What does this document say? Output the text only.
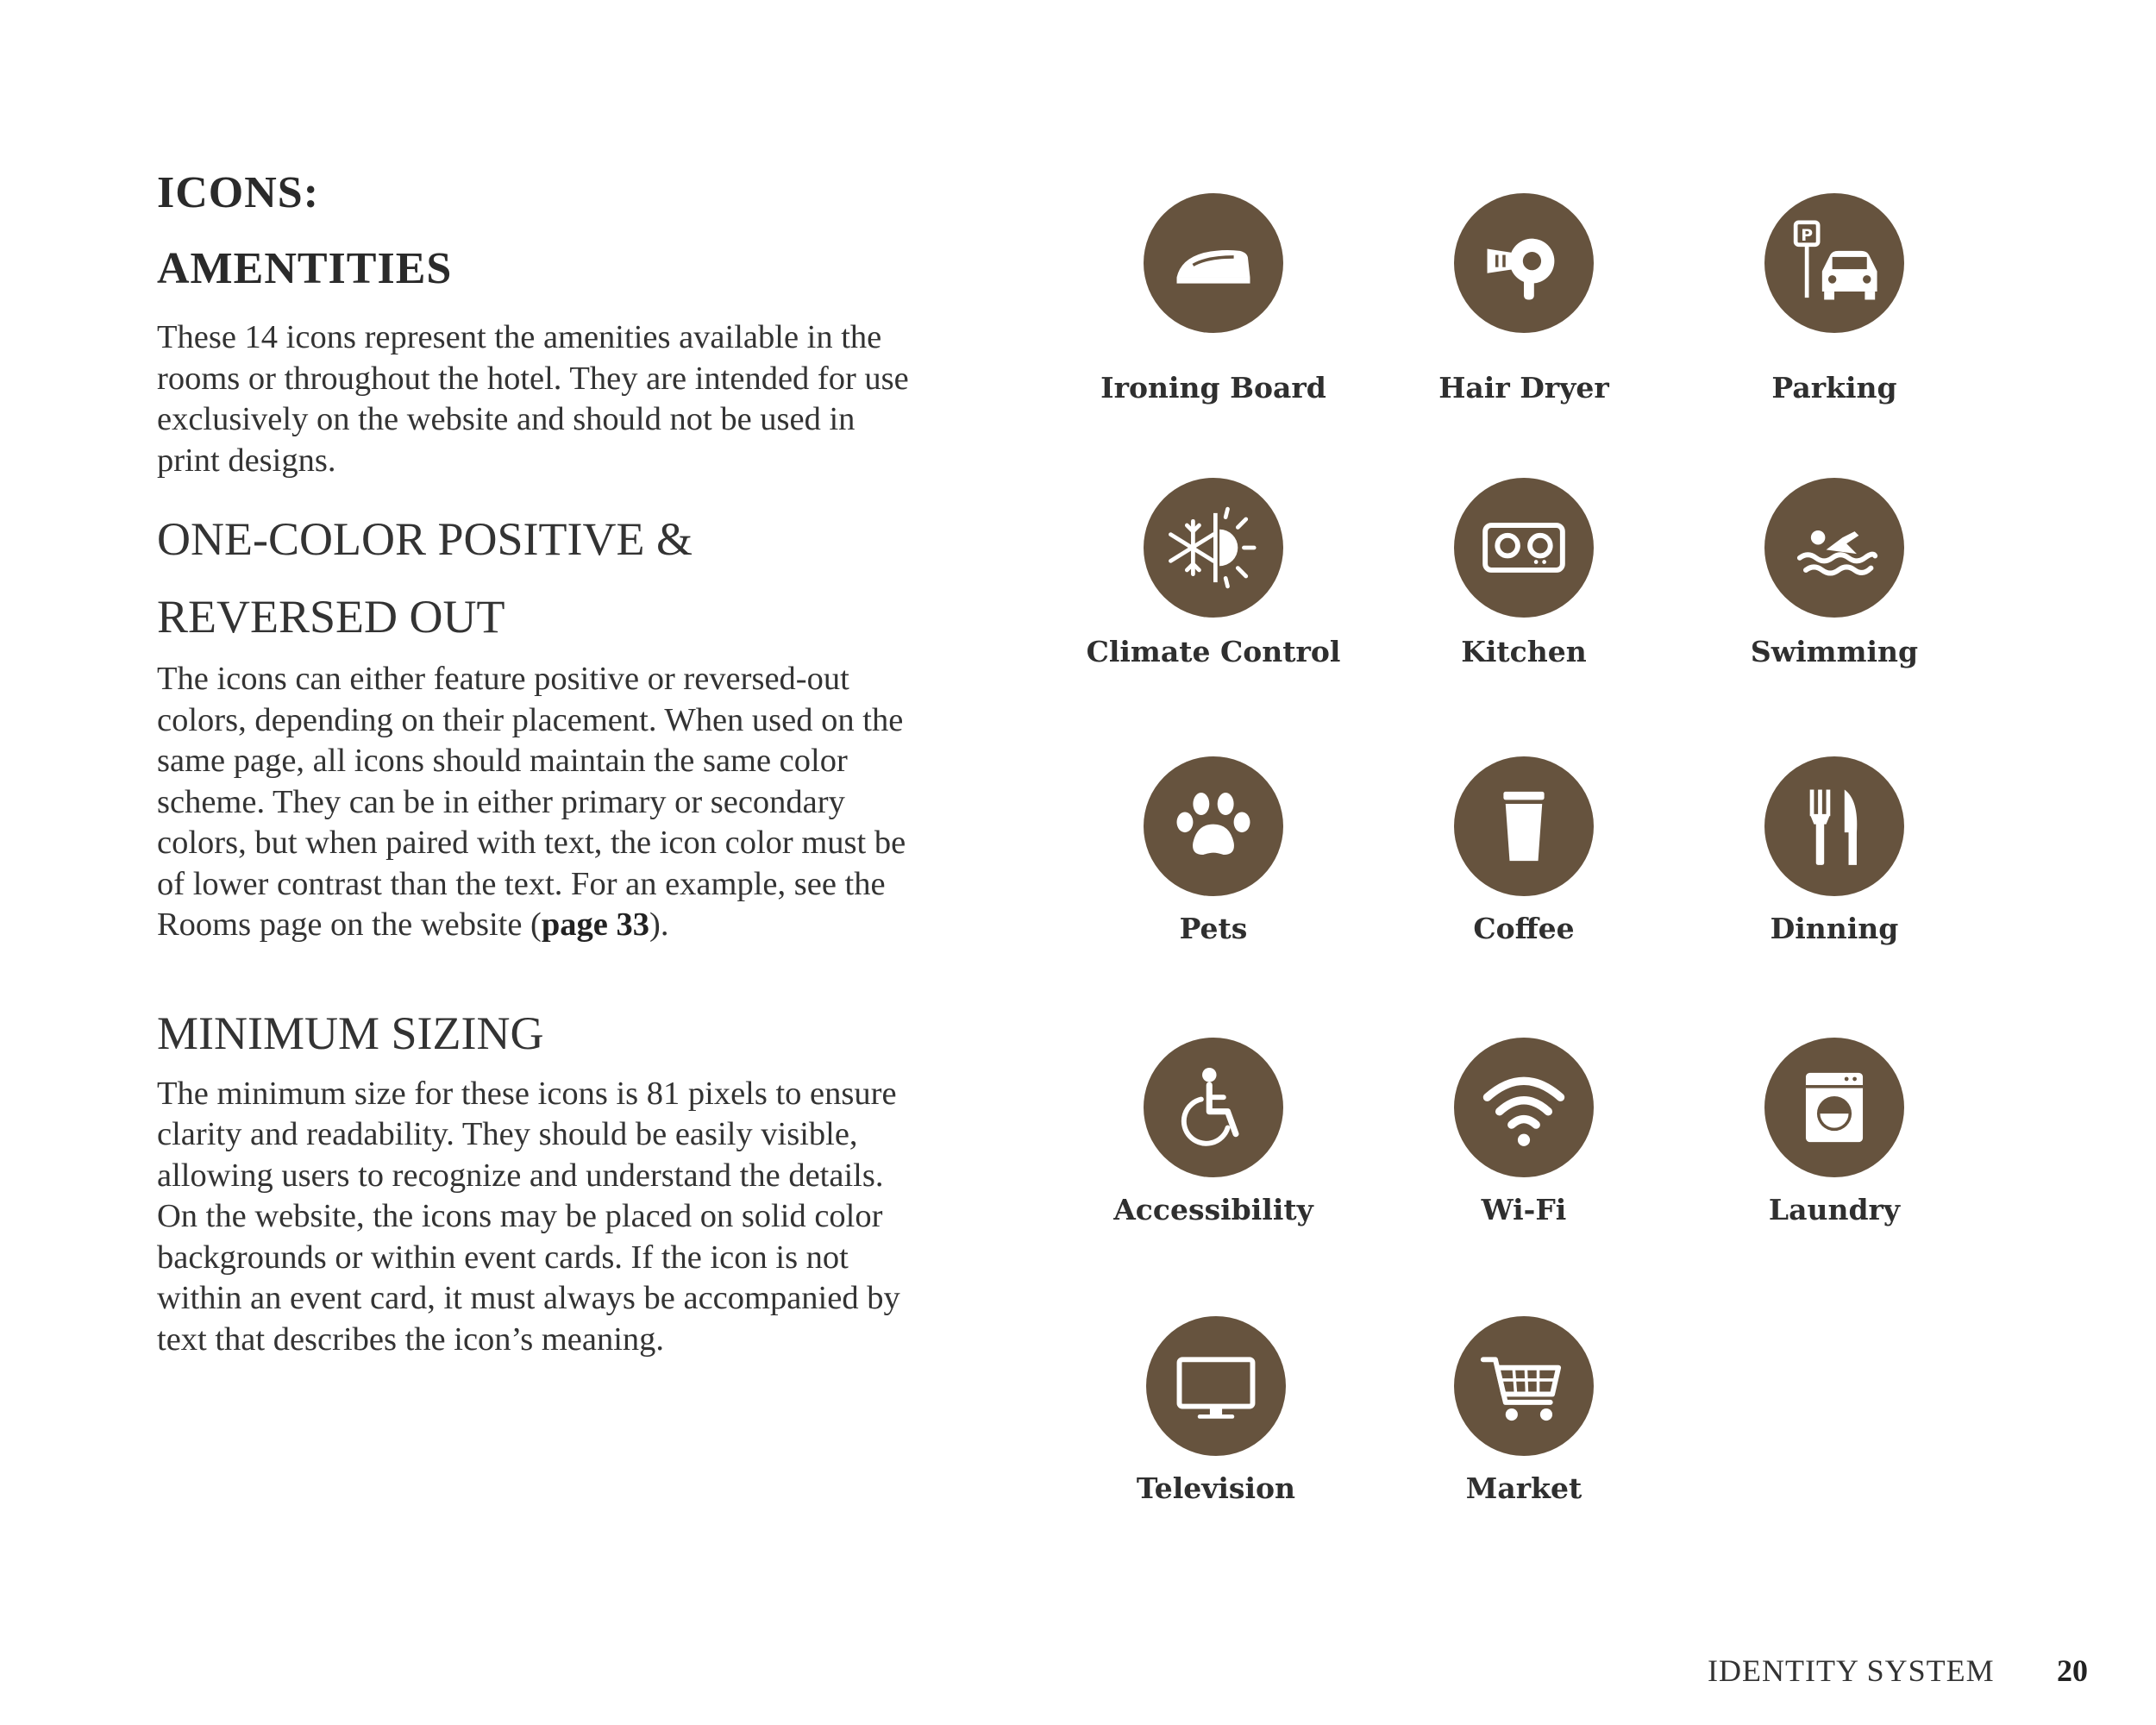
ICONS:
AMENTITIES

These 14 icons represent the amenities available in the rooms or throughout the hotel. They are intended for use exclusively on the website and should not be used in print designs.

ONE-COLOR POSITIVE &
REVERSED OUT

The icons can either feature positive or reversed-out colors, depending on their placement. When used on the same page, all icons should maintain the same color scheme. They can be in either primary or secondary colors, but when paired with text, the icon color must be of lower contrast than the text. For an example, see the Rooms page on the website (page 33).

MINIMUM SIZING

The minimum size for these icons is 81 pixels to ensure clarity and readability. They should be easily visible, allowing users to recognize and understand the details. On the website, the icons may be placed on solid color backgrounds or within event cards. If the icon is not within an event card, it must always be accompanied by text that describes the icon’s meaning.

Ironing Board	Hair Dryer
P
Parking
Climate Control	Kitchen	Swimming
Pets	Coffee	Dinning
Accessibility	Wi-Fi	Laundry
Television	Market
IDENTITY SYSTEM 20
